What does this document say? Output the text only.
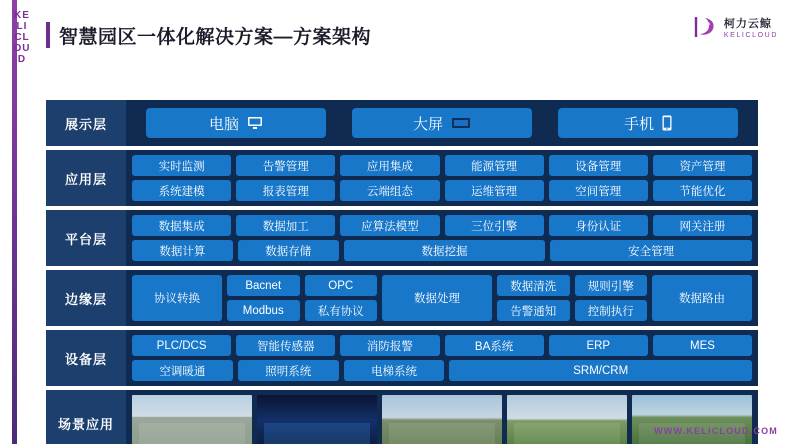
KELICLOUD
智慧园区一体化解决方案—方案架构
柯力云鲸
KELICLOUD
展示层	电脑	大屏	手机
应用层
实时监测	告警管理	应用集成	能源管理	设备管理	资产管理
系统建模	报表管理	云端组态	运维管理	空间管理	节能优化
平台层
数据集成	数据加工	应算法模型	三位引擎	身份认证	网关注册
数据计算	数据存储	数据挖掘	安全管理
边缘层	协议转换
Bacnet	OPC
Modbus	私有协议
数据处理
数据清洗	规则引擎
告警通知	控制执行
数据路由
设备层
PLC/DCS	智能传感器	消防报警	BA系统	ERP	MES
空调暖通	照明系统	电梯系统	SRM/CRM
场景应用	WWW.KELICLOUD.COM
